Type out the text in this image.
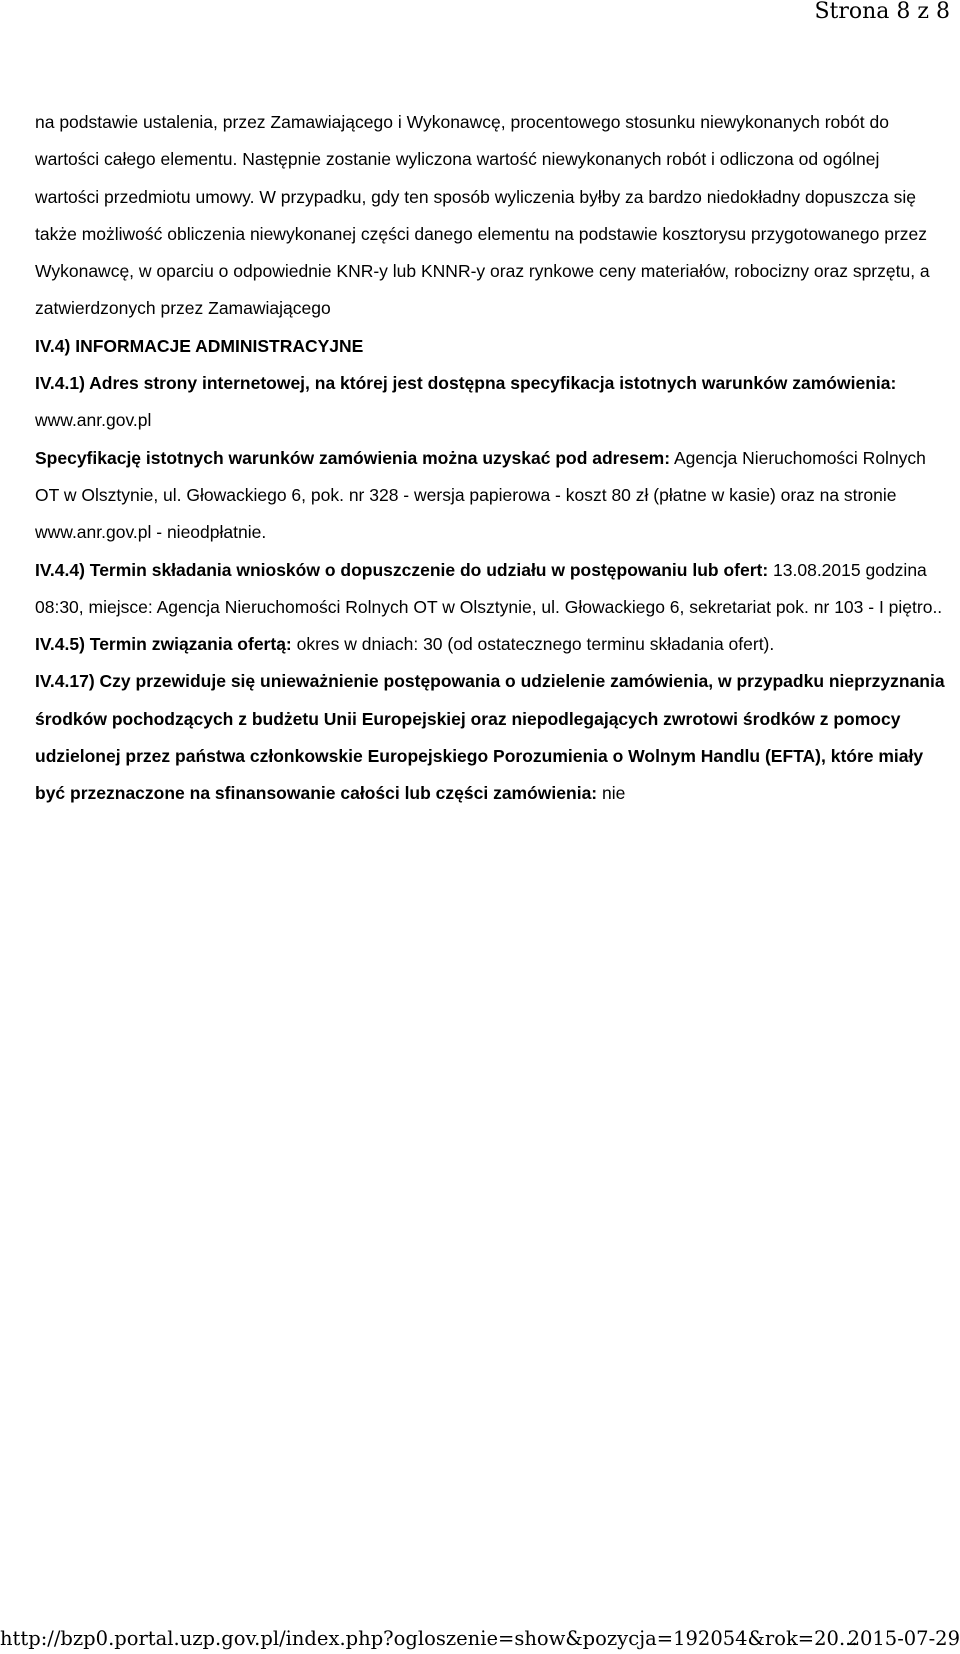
Strona 8 z 8

na podstawie ustalenia, przez Zamawiającego i Wykonawcę, procentowego stosunku niewykonanych robót do wartości całego elementu. Następnie zostanie wyliczona wartość niewykonanych robót i odliczona od ogólnej wartości przedmiotu umowy. W przypadku, gdy ten sposób wyliczenia byłby za bardzo niedokładny dopuszcza się także możliwość obliczenia niewykonanej części danego elementu na podstawie kosztorysu przygotowanego przez Wykonawcę, w oparciu o odpowiednie KNR-y lub KNNR-y oraz rynkowe ceny materiałów, robocizny oraz sprzętu, a zatwierdzonych przez Zamawiającego

IV.4) INFORMACJE ADMINISTRACYJNE

IV.4.1) Adres strony internetowej, na której jest dostępna specyfikacja istotnych warunków zamówienia: www.anr.gov.pl

Specyfikację istotnych warunków zamówienia można uzyskać pod adresem: Agencja Nieruchomości Rolnych OT w Olsztynie, ul. Głowackiego 6, pok. nr 328 - wersja papierowa - koszt 80 zł (płatne w kasie) oraz na stronie www.anr.gov.pl - nieodpłatnie.

IV.4.4) Termin składania wniosków o dopuszczenie do udziału w postępowaniu lub ofert: 13.08.2015 godzina 08:30, miejsce: Agencja Nieruchomości Rolnych OT w Olsztynie, ul. Głowackiego 6, sekretariat pok. nr 103 - I piętro..

IV.4.5) Termin związania ofertą: okres w dniach: 30 (od ostatecznego terminu składania ofert).

IV.4.17) Czy przewiduje się unieważnienie postępowania o udzielenie zamówienia, w przypadku nieprzyznania środków pochodzących z budżetu Unii Europejskiej oraz niepodlegających zwrotowi środków z pomocy udzielonej przez państwa członkowskie Europejskiego Porozumienia o Wolnym Handlu (EFTA), które miały być przeznaczone na sfinansowanie całości lub części zamówienia: nie

http://bzp0.portal.uzp.gov.pl/index.php?ogloszenie=show&pozycja=192054&rok=20...
2015-07-29
